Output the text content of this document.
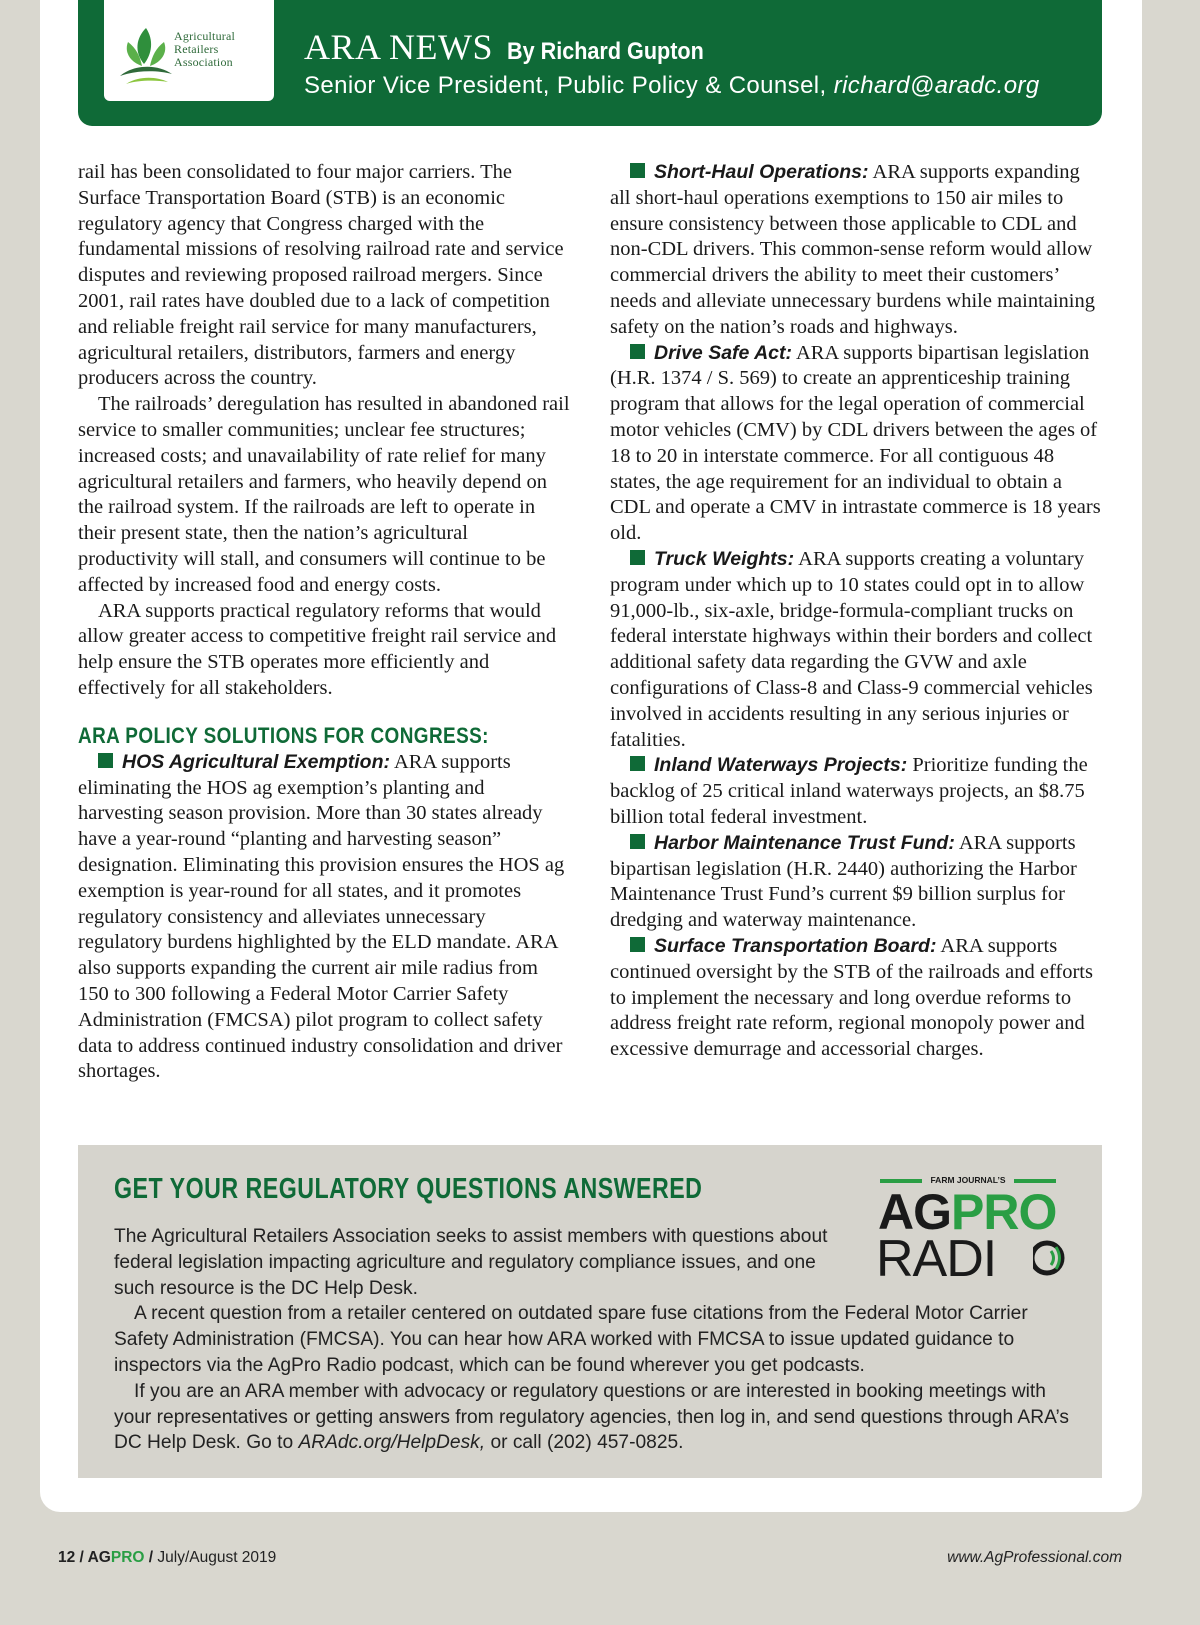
Agricultural
Retailers
Association	ARA NEWS By Richard Gupton
Senior Vice President, Public Policy & Counsel, richard@aradc.org

rail has been consolidated to four major carriers. The Surface Transportation Board (STB) is an economic regulatory agency that Congress charged with the fundamental missions of resolving railroad rate and service disputes and reviewing proposed railroad mergers. Since 2001, rail rates have doubled due to a lack of competition and reliable freight rail service for many manufacturers, agricultural retailers, distributors, farmers and energy producers across the country.

The railroads’ deregulation has resulted in abandoned rail service to smaller communities; unclear fee structures; increased costs; and unavailability of rate relief for many agricultural retailers and farmers, who heavily depend on the railroad system. If the railroads are left to operate in their present state, then the nation’s agricultural productivity will stall, and consumers will continue to be affected by increased food and energy costs.

ARA supports practical regulatory reforms that would allow greater access to competitive freight rail service and help ensure the STB operates more efficiently and effectively for all stakeholders.

ARA POLICY SOLUTIONS FOR CONGRESS:

HOS Agricultural Exemption: ARA supports eliminating the HOS ag exemption’s planting and harvesting season provision. More than 30 states already have a year-round “planting and harvesting season” designation. Eliminating this provision ensures the HOS ag exemption is year-round for all states, and it promotes regulatory consistency and alleviates unnecessary regulatory burdens highlighted by the ELD mandate. ARA also supports expanding the current air mile radius from 150 to 300 following a Federal Motor Carrier Safety Administration (FMCSA) pilot program to collect safety data to address continued industry consolidation and driver shortages.

Short-Haul Operations: ARA supports expanding all short-haul operations exemptions to 150 air miles to ensure consistency between those applicable to CDL and non-CDL drivers. This common-sense reform would allow commercial drivers the ability to meet their customers’ needs and alleviate unnecessary burdens while maintaining safety on the nation’s roads and highways.

Drive Safe Act: ARA supports bipartisan legislation (H.R. 1374 / S. 569) to create an apprenticeship training program that allows for the legal operation of commercial motor vehicles (CMV) by CDL drivers between the ages of 18 to 20 in interstate commerce. For all contiguous 48 states, the age requirement for an individual to obtain a CDL and operate a CMV in intrastate commerce is 18 years old.

Truck Weights: ARA supports creating a voluntary program under which up to 10 states could opt in to allow 91,000-lb., six-axle, bridge-formula-compliant trucks on federal interstate highways within their borders and collect additional safety data regarding the GVW and axle configurations of Class-8 and Class-9 commercial vehicles involved in accidents resulting in any serious injuries or fatalities.

Inland Waterways Projects: Prioritize funding the backlog of 25 critical inland waterways projects, an $8.75 billion total federal investment.

Harbor Maintenance Trust Fund: ARA supports bipartisan legislation (H.R. 2440) authorizing the Harbor Maintenance Trust Fund’s current $9 billion surplus for dredging and waterway maintenance.

Surface Transportation Board: ARA supports continued oversight by the STB of the railroads and efforts to implement the necessary and long overdue reforms to address freight rate reform, regional monopoly power and excessive demurrage and accessorial charges.

GET YOUR REGULATORY QUESTIONS ANSWERED	FARM JOURNAL’S
AGPRO
RADI

The Agricultural Retailers Association seeks to assist members with questions about federal legislation impacting agriculture and regulatory compliance issues, and one such resource is the DC Help Desk.

A recent question from a retailer centered on outdated spare fuse citations from the Federal Motor Carrier Safety Administration (FMCSA). You can hear how ARA worked with FMCSA to issue updated guidance to inspectors via the AgPro Radio podcast, which can be found wherever you get podcasts.

If you are an ARA member with advocacy or regulatory questions or are interested in booking meetings with your representatives or getting answers from regulatory agencies, then log in, and send questions through ARA’s DC Help Desk. Go to ARAdc.org/HelpDesk, or call (202) 457-0825.

12 / AGPRO / July/August 2019	www.AgProfessional.com
